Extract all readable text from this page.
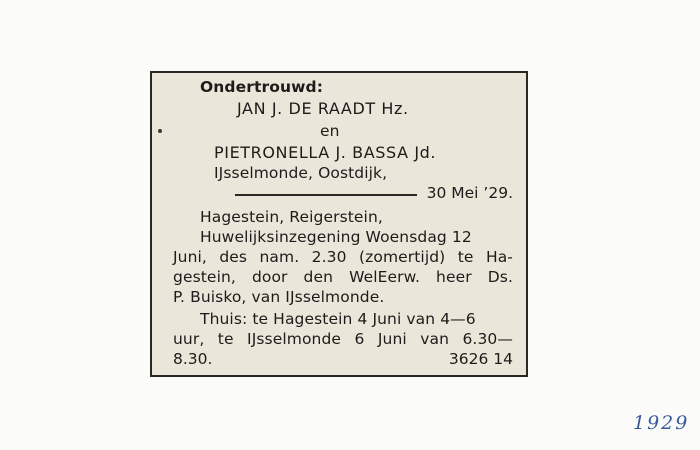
Ondertrouwd:
JAN J. DE RAADT Hz.
en
PIETRONELLA J. BASSA Jd.
IJsselmonde, Oostdijk,
30 Mei ’29.
Hagestein, Reigerstein,
Huwelijksinzegening Woensdag 12
Juni, des nam. 2.30 (zomertijd) te Ha-
gestein, door den WelEerw. heer Ds.
P. Buisko, van IJsselmonde.
Thuis: te Hagestein 4 Juni van 4—6
uur, te IJsselmonde 6 Juni van 6.30—
8.30.	3626 14
1929
